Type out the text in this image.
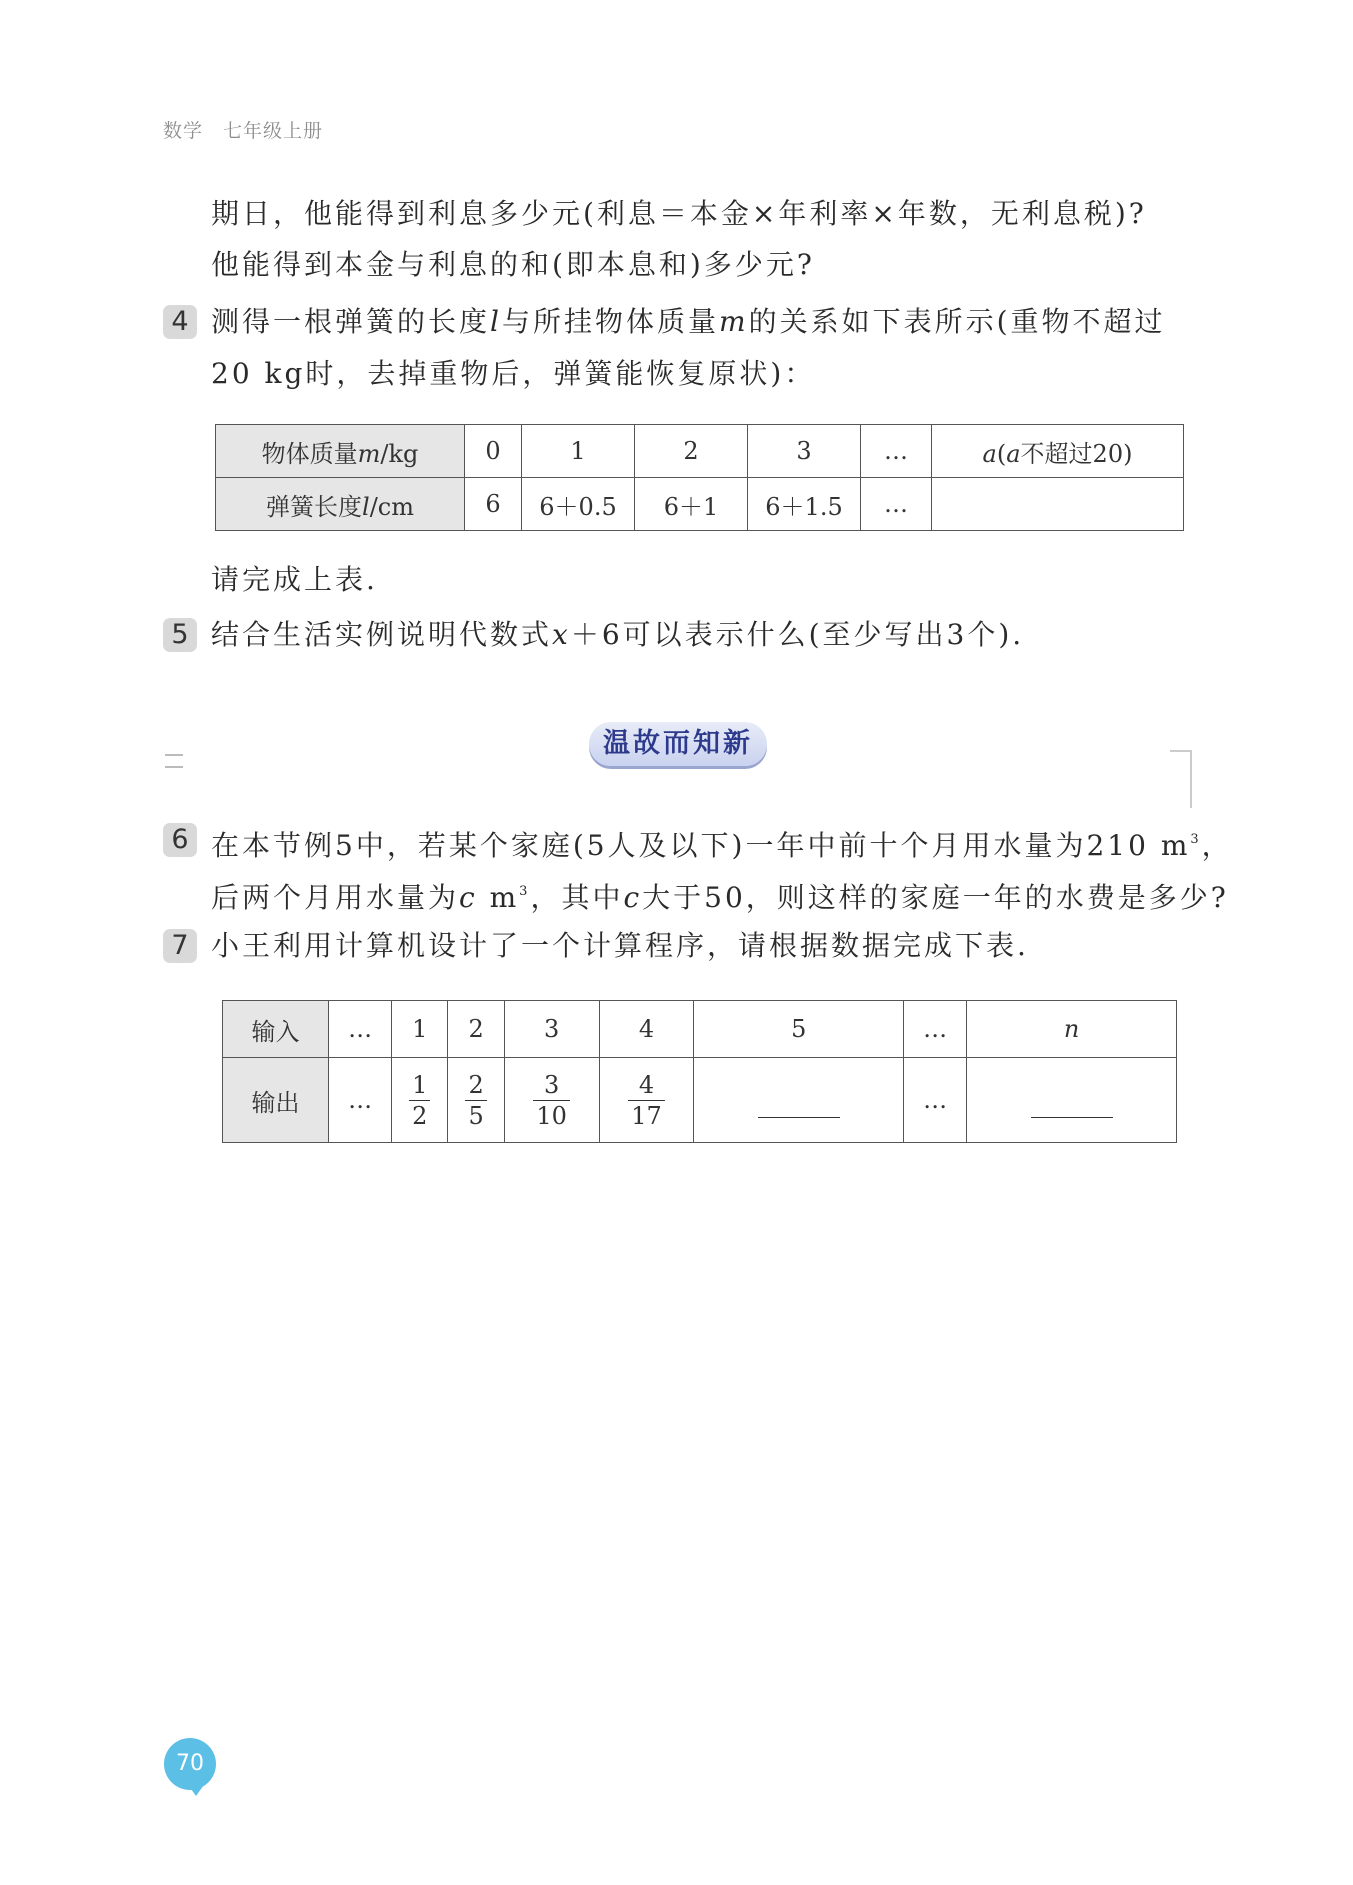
数学 七年级上册
期日，他能得到利息多少元(利息＝本金×年利率×年数，无利息税)?
他能得到本金与利息的和(即本息和)多少元?
4 测得一根弹簧的长度l与所挂物体质量m的关系如下表所示(重物不超过
20 kg时，去掉重物后，弹簧能恢复原状)：
物体质量m/kg	0	1	2	3	…	a(a不超过20)
弹簧长度l/cm	6	6＋0.5	6＋1	6＋1.5	…	
请完成上表.
5 结合生活实例说明代数式x＋6可以表示什么(至少写出3个).
温故而知新
6 在本节例5中，若某个家庭(5人及以下)一年中前十个月用水量为210 $m^3$，
后两个月用水量为c $m^3$，其中c大于50，则这样的家庭一年的水费是多少?
7 小王利用计算机设计了一个计算程序，请根据数据完成下表.
输入	…	1	2	3	4	5	…	n
输出	…	$\frac{1}{2}$	$\frac{2}{5}$	$\frac{3}{10}$	$\frac{4}{17}$		…	
70
